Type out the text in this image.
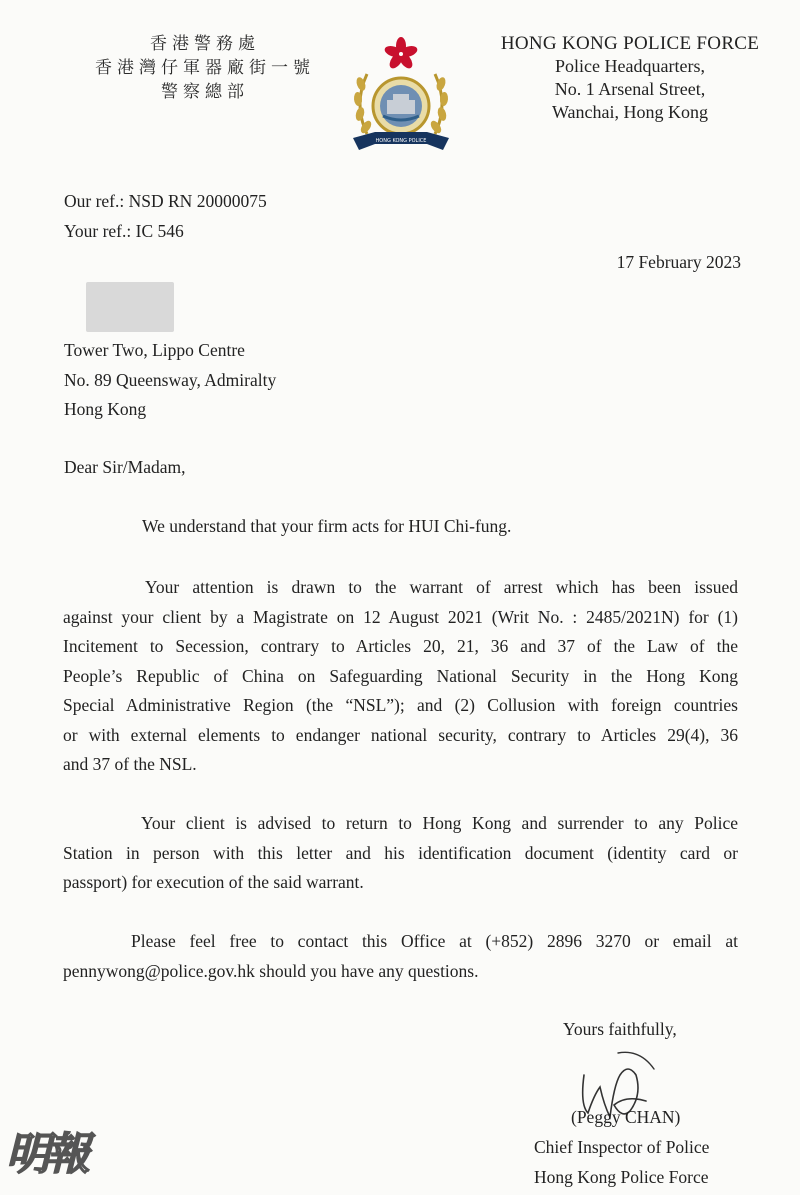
香港警務處
香港灣仔軍器廠街一號
警察總部
HONG KONG POLICE
HONG KONG POLICE FORCE
Police Headquarters,
No. 1 Arsenal Street,
Wanchai, Hong Kong
Our ref.: NSD RN 20000075
Your ref.: IC 546
17 February 2023
Tower Two, Lippo Centre
No. 89 Queensway, Admiralty
Hong Kong
Dear Sir/Madam,
We understand that your firm acts for HUI Chi-fung.
Your attention is drawn to the warrant of arrest which has been issued
against your client by a Magistrate on 12 August 2021 (Writ No. : 2485/2021N) for (1)
Incitement to Secession, contrary to Articles 20, 21, 36 and 37 of the Law of the
People’s Republic of China on Safeguarding National Security in the Hong Kong
Special Administrative Region (the “NSL”); and (2) Collusion with foreign countries
or with external elements to endanger national security, contrary to Articles 29(4), 36
and 37 of the NSL.
Your client is advised to return to Hong Kong and surrender to any Police
Station in person with this letter and his identification document (identity card or
passport) for execution of the said warrant.
Please feel free to contact this Office at (+852) 2896 3270 or email at
pennywong@police.gov.hk should you have any questions.
Yours faithfully,
(Peggy CHAN)
Chief Inspector of Police
Hong Kong Police Force
明報
